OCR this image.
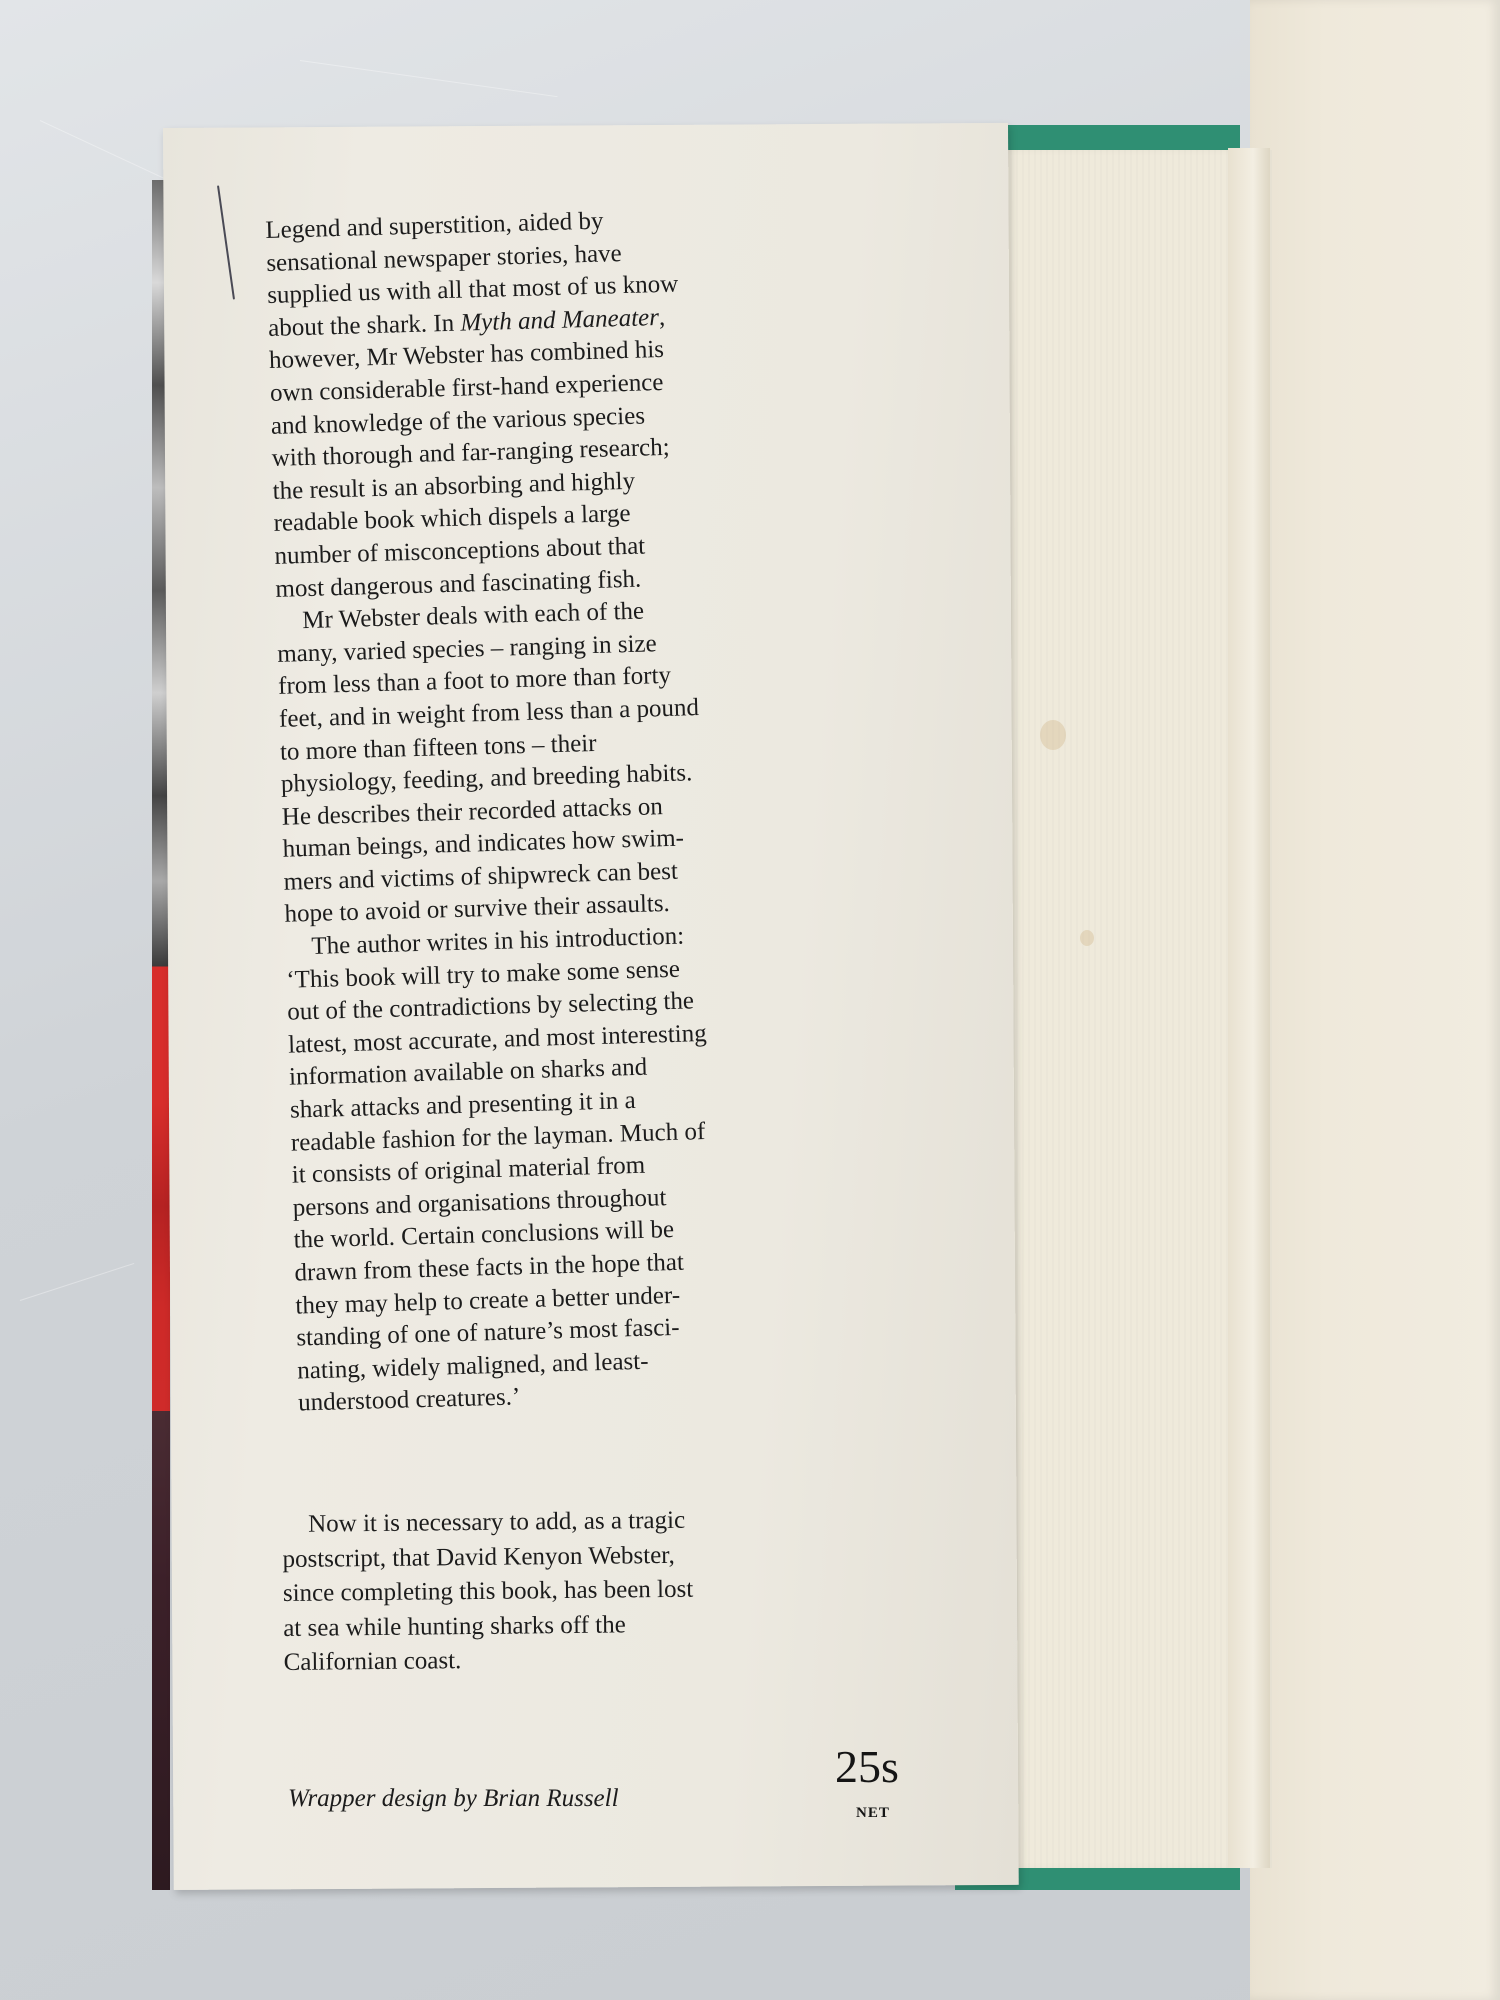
Legend and superstition, aided by
sensational newspaper stories, have
supplied us with all that most of us know
about the shark. In Myth and Maneater,
however, Mr Webster has combined his
own considerable first-hand experience
and knowledge of the various species
with thorough and far-ranging research;
the result is an absorbing and highly
readable book which dispels a large
number of misconceptions about that
most dangerous and fascinating fish.

Mr Webster deals with each of the
many, varied species – ranging in size
from less than a foot to more than forty
feet, and in weight from less than a pound
to more than fifteen tons – their
physiology, feeding, and breeding habits.
He describes their recorded attacks on
human beings, and indicates how swim-
mers and victims of shipwreck can best
hope to avoid or survive their assaults.

The author writes in his introduction:
‘This book will try to make some sense
out of the contradictions by selecting the
latest, most accurate, and most interesting
information available on sharks and
shark attacks and presenting it in a
readable fashion for the layman. Much of
it consists of original material from
persons and organisations throughout
the world. Certain conclusions will be
drawn from these facts in the hope that
they may help to create a better under-
standing of one of nature’s most fasci-
nating, widely maligned, and least-
understood creatures.’

Now it is necessary to add, as a tragic
postscript, that David Kenyon Webster,
since completing this book, has been lost
at sea while hunting sharks off the
Californian coast.

Wrapper design by Brian Russell
25s
NET
